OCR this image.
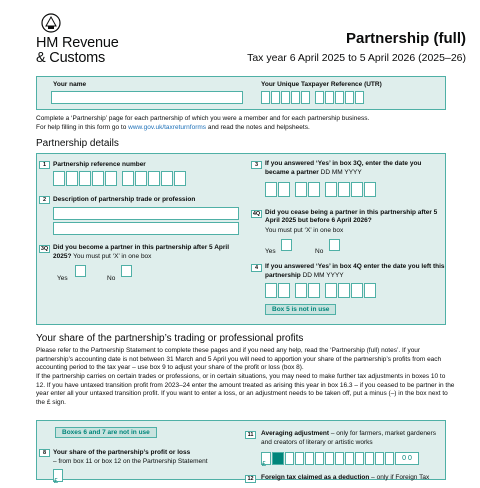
HM Revenue
& Customs
Partnership (full)
Tax year 6 April 2025 to 5 April 2026 (2025–26)
Your name	Your Unique Taxpayer Reference (UTR)
Complete a ‘Partnership’ page for each partnership of which you were a member and for each partnership business.
For help filling in this form go to www.gov.uk/taxreturnforms and read the notes and helpsheets.
Partnership details
1	Partnership reference number
2	Description of partnership trade or profession
3Q Did you become a partner in this partnership after 5 April 2025? You must put ‘X’ in one box
Yes	No
3	If you answered ‘Yes’ in box 3Q, enter the date you became a partner DD MM YYYY
4Q Did you cease being a partner in this partnership after 5 April 2025 but before 6 April 2026?
You must put ‘X’ in one box
Yes	No
4	If you answered ‘Yes’ in box 4Q enter the date you left this partnership DD MM YYYY
Box 5 is not in use
Your share of the partnership’s trading or professional profits
Please refer to the Partnership Statement to complete these pages and if you need any help, read the ‘Partnership (full) notes’. If your partnership’s accounting date is not between 31 March and 5 April you will need to apportion your share of the partnership’s profits from each accounting period to the tax year – use box 9 to adjust your share of the profit or loss (box 8).
If the partnership carries on certain trades or professions, or in certain situations, you may need to make further tax adjustments in boxes 10 to 12. If you have untaxed transition profit from 2023–24 enter the amount treated as arising this year in box 16.3 – if you ceased to be partner in the year enter all your untaxed transition profit. If you want to enter a loss, or an adjustment needs to be taken off, put a minus (–) in the box next to the £ sign.
Boxes 6 and 7 are not in use
8	Your share of the partnership’s profit or loss
– from box 11 or box 12 on the Partnership Statement
£
11	Averaging adjustment – only for farmers, market gardeners and creators of literary or artistic works
£
0 0
12	Foreign tax claimed as a deduction – only if Foreign Tax
